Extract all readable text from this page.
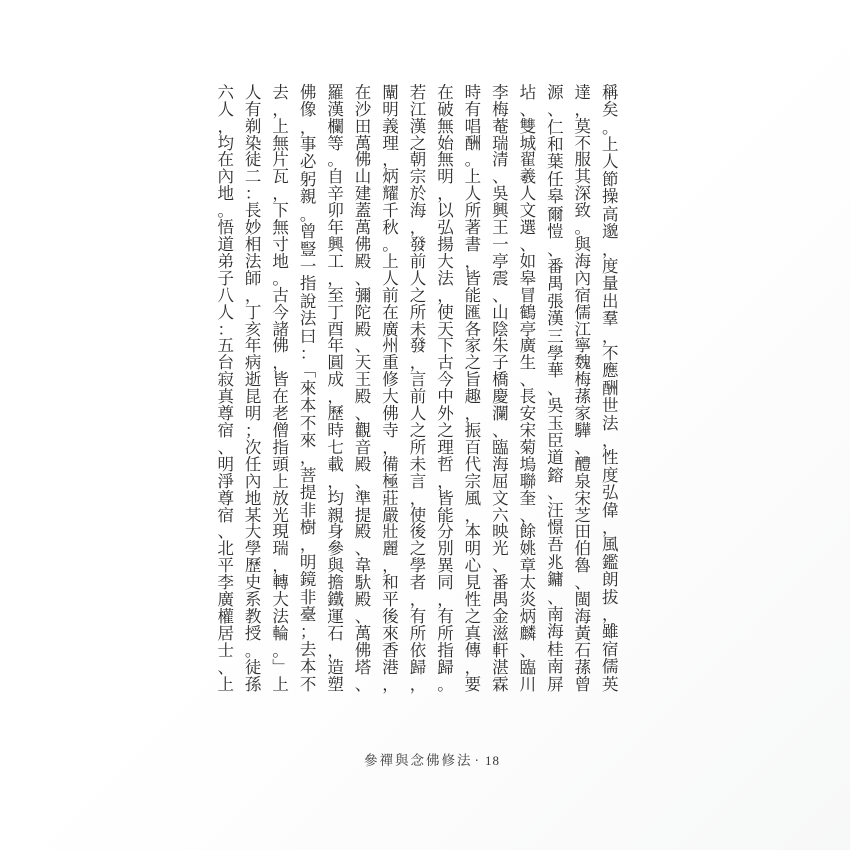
稱
矣
。
上
人
節
操
高
邈
，
度
量
出
羣
，
不
應
酬
世
法
，
性
度
弘
偉
，
風
鑑
朗
拔
，
雖
宿
儒
英
達
，
莫
不
服
其
深
致
。
與
海
內
宿
儒
江
寧
魏
梅
蓀
家
驊
、
醴
泉
宋
芝
田
伯
魯
、
閩
海
黃
石
蓀
曾
源
、
仁
和
葉
任
皋
爾
愷
、
番
禺
張
漢
三
學
華
、
吳
玉
臣
道
鎔
、
汪
憬
吾
兆
鏞
、
南
海
桂
南
屏
坫
、
雙
城
翟
羲
人
文
選
、
如
皋
冒
鶴
亭
廣
生
、
長
安
宋
菊
塢
聯
奎
、
餘
姚
章
太
炎
炳
麟
、
臨
川
李
梅
菴
瑞
清
、
吳
興
王
一
亭
震
、
山
陰
朱
子
橋
慶
瀾
、
臨
海
屈
文
六
映
光
、
番
禺
金
滋
軒
湛
霖
時
有
唱
酬
。
上
人
所
著
書
，
皆
能
匯
各
家
之
旨
趣
，
振
百
代
宗
風
，
本
明
心
見
性
之
真
傳
，
要
在
破
無
始
無
明
，
以
弘
揚
大
法
，
使
天
下
古
今
中
外
之
理
哲
，
皆
能
分
別
異
同
，
有
所
指
歸
。
若
江
漢
之
朝
宗
於
海
，
發
前
人
之
所
未
發
，
言
前
人
之
所
未
言
，
使
後
之
學
者
，
有
所
依
歸
，
闡
明
義
理
，
炳
耀
千
秋
。
上
人
前
在
廣
州
重
修
大
佛
寺
，
備
極
莊
嚴
壯
麗
，
和
平
後
來
香
港
，
在
沙
田
萬
佛
山
建
蓋
萬
佛
殿
、
彌
陀
殿
、
天
王
殿
、
觀
音
殿
、
準
提
殿
、
韋
馱
殿
、
萬
佛
塔
、
羅
漢
欄
等
。
自
辛
卯
年
興
工
，
至
丁
酉
年
圓
成
，
歷
時
七
載
，
均
親
身
參
與
擔
鐵
運
石
，
造
塑
佛
像
，
事
必
躬
親
。
曾
豎
一
指
說
法
曰
：
﹁
來
本
不
來
，
菩
提
非
樹
，
明
鏡
非
臺
；
去
本
不
去
，
上
無
片
瓦
，
下
無
寸
地
。
古
今
諸
佛
，
皆
在
老
僧
指
頭
上
放
光
現
瑞
，
轉
大
法
輪
。
﹂
上
人
有
剃
染
徒
二
：
長
妙
相
法
師
，
丁
亥
年
病
逝
昆
明
；
次
任
內
地
某
大
學
歷
史
系
教
授
。
徒
孫
六
人
，
均
在
內
地
。
悟
道
弟
子
八
人
：
五
台
寂
真
尊
宿
、
明
淨
尊
宿
、
北
平
李
廣
權
居
士
、
上
參禪與念佛修法 · 18
